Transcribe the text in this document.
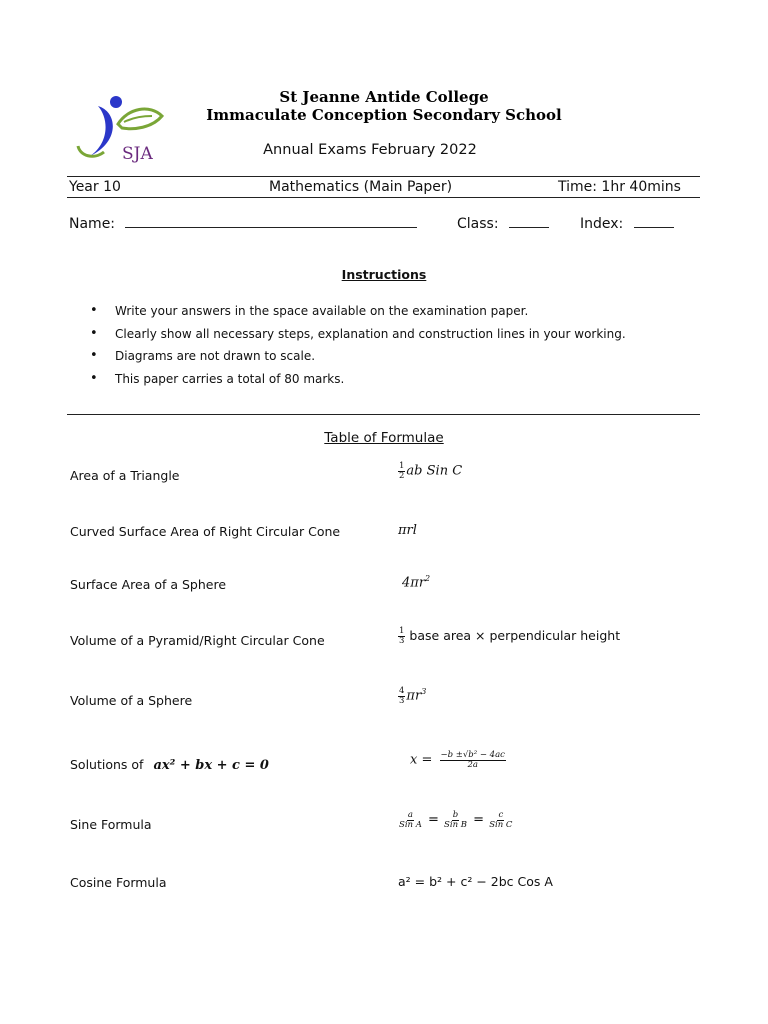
SJA
St Jeanne Antide College
Immaculate Conception Secondary School
Annual Exams February 2022
Year 10	Mathematics (Main Paper)	Time: 1hr 40mins
Name:	Class:	Index:
Instructions
• Write your answers in the space available on the examination paper.
• Clearly show all necessary steps, explanation and construction lines in your working.
• Diagrams are not drawn to scale.
• This paper carries a total of 80 marks.
Table of Formulae
Area of a Triangle	$\frac{1}{2}$ ab Sin C
Curved Surface Area of Right Circular Cone	πrl
Surface Area of a Sphere	$4\pi r^2$
Volume of a Pyramid/Right Circular Cone	$\frac{1}{3}$ base area × perpendicular height
Volume of a Sphere	$\frac{4}{3} \pi r^3$
Solutions of ax² + bx + c = 0	$x = \frac{\text{−b ±√b² − 4ac}}{2a}$
Sine Formula	$\frac{a}{\text{Sin A}} = \frac{b}{\text{Sin B}} = \frac{c}{\text{Sin C}}$
Cosine Formula	a² = b² + c² − 2bc Cos A
